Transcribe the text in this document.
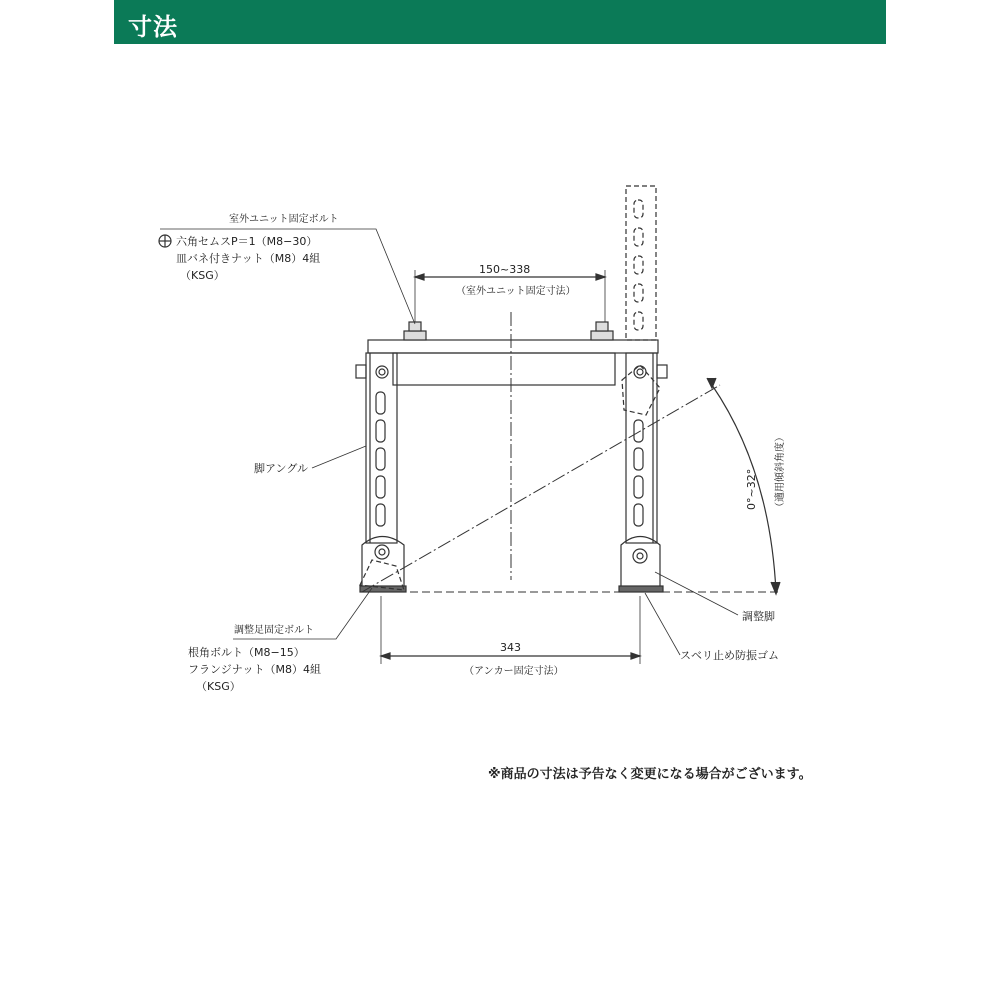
寸法
室外ユニット固定ボルト
六角セムスP＝1（M8−30）
皿バネ付きナット（M8）4組
（KSG）	150~338
（室外ユニット固定寸法）
脚アングル
0°~32° （適用傾斜角度）
調整足固定ボルト
根角ボルト（M8−15）
フランジナット（M8）4組
（KSG）
343
（アンカー固定寸法）
調整脚
スベリ止め防振ゴム
※商品の寸法は予告なく変更になる場合がございます。
